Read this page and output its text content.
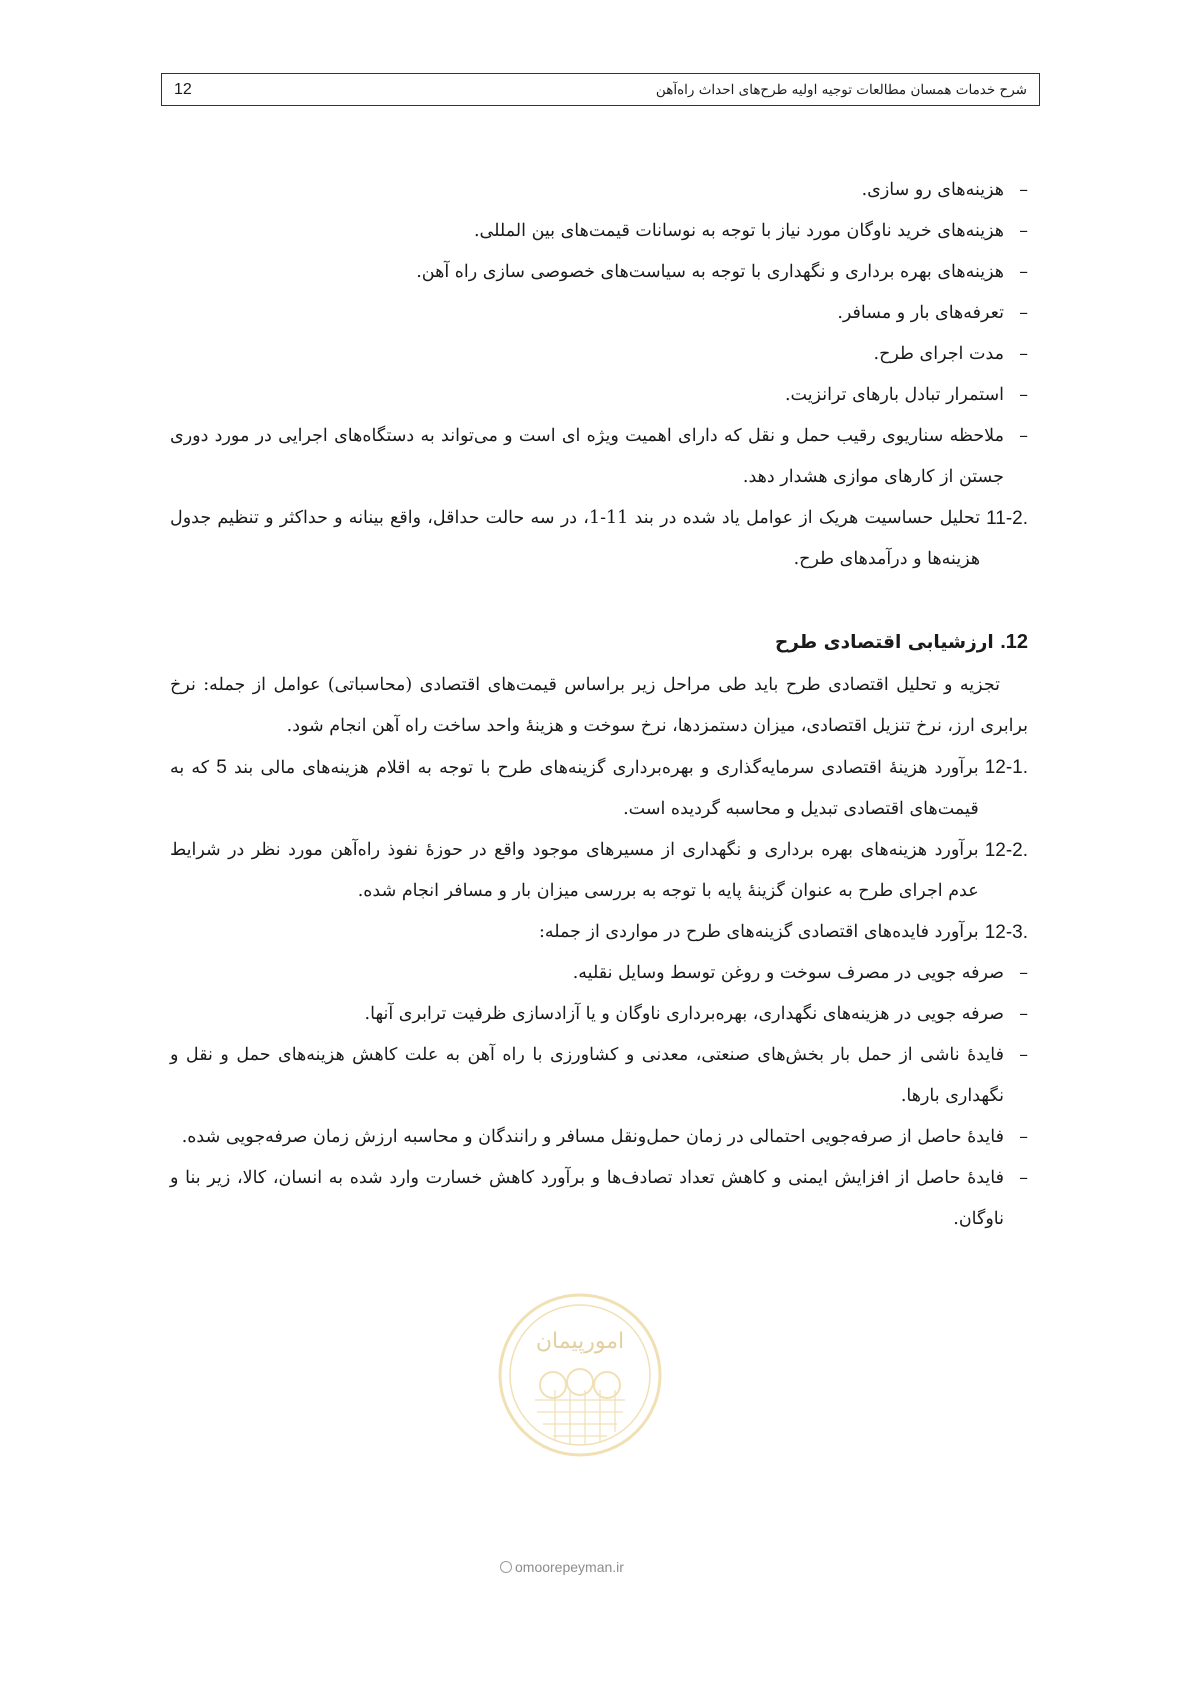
12	شرح خدمات همسان مطالعات توجیه اولیه طرح‌های احداث راه‌آهن
–
هزینه‌های رو سازی.
–
هزینه‌های خرید ناوگان مورد نیاز با توجه به نوسانات قیمت‌های بین المللی.
–
هزینه‌های بهره برداری و نگهداری با توجه به سیاست‌های خصوصی سازی راه آهن.
–
تعرفه‌های بار و مسافر.
–
مدت اجرای طرح.
–
استمرار تبادل بارهای ترانزیت.
–
ملاحظه سناریوی رقیب حمل و نقل که دارای اهمیت ویژه ای است و می‌تواند به دستگاه‌های اجرایی در مورد دوری جستن از کارهای موازی هشدار دهد.
11-2.
تحلیل حساسیت هریک از عوامل یاد شده در بند 11-1، در سه حالت حداقل، واقع بینانه و حداکثر و تنظیم جدول هزینه‌ها و درآمدهای طرح.
12. ارزشیابی اقتصادی طرح
تجزیه و تحلیل اقتصادی طرح باید طی مراحل زیر براساس قیمت‌های اقتصادی (محاسباتی) عوامل از جمله: نرخ برابری ارز، نرخ تنزیل اقتصادی، میزان دستمزدها، نرخ سوخت و هزینهٔ واحد ساخت راه آهن انجام شود.
12-1.
برآورد هزینهٔ اقتصادی سرمایه‌گذاری و بهره‌برداری گزینه‌های طرح با توجه به اقلام هزینه‌های مالی بند 5 که به قیمت‌های اقتصادی تبدیل و محاسبه گردیده است.
12-2.
برآورد هزینه‌های بهره برداری و نگهداری از مسیرهای موجود واقع در حوزهٔ نفوذ راه‌آهن مورد نظر در شرایط عدم اجرای طرح به عنوان گزینهٔ پایه با توجه به بررسی میزان بار و مسافر انجام شده.
12-3.
برآورد فایده‌های اقتصادی گزینه‌های طرح در مواردی از جمله:
–
صرفه جویی در مصرف سوخت و روغن توسط وسایل نقلیه.
–
صرفه جویی در هزینه‌های نگهداری، بهره‌برداری ناوگان و یا آزادسازی ظرفیت ترابری آنها.
–
فایدهٔ ناشی از حمل بار بخش‌های صنعتی، معدنی و کشاورزی با راه آهن به علت کاهش هزینه‌های حمل و نقل و نگهداری بارها.
–
فایدهٔ حاصل از صرفه‌جویی احتمالی در زمان حمل‌ونقل مسافر و رانندگان و محاسبه ارزش زمان صرفه‌جویی شده.
–
فایدهٔ حاصل از افزایش ایمنی و کاهش تعداد تصادف‌ها و برآورد کاهش خسارت وارد شده به انسان، کالا، زیر بنا و ناوگان.
امورپیمان
omoorepeyman.ir
